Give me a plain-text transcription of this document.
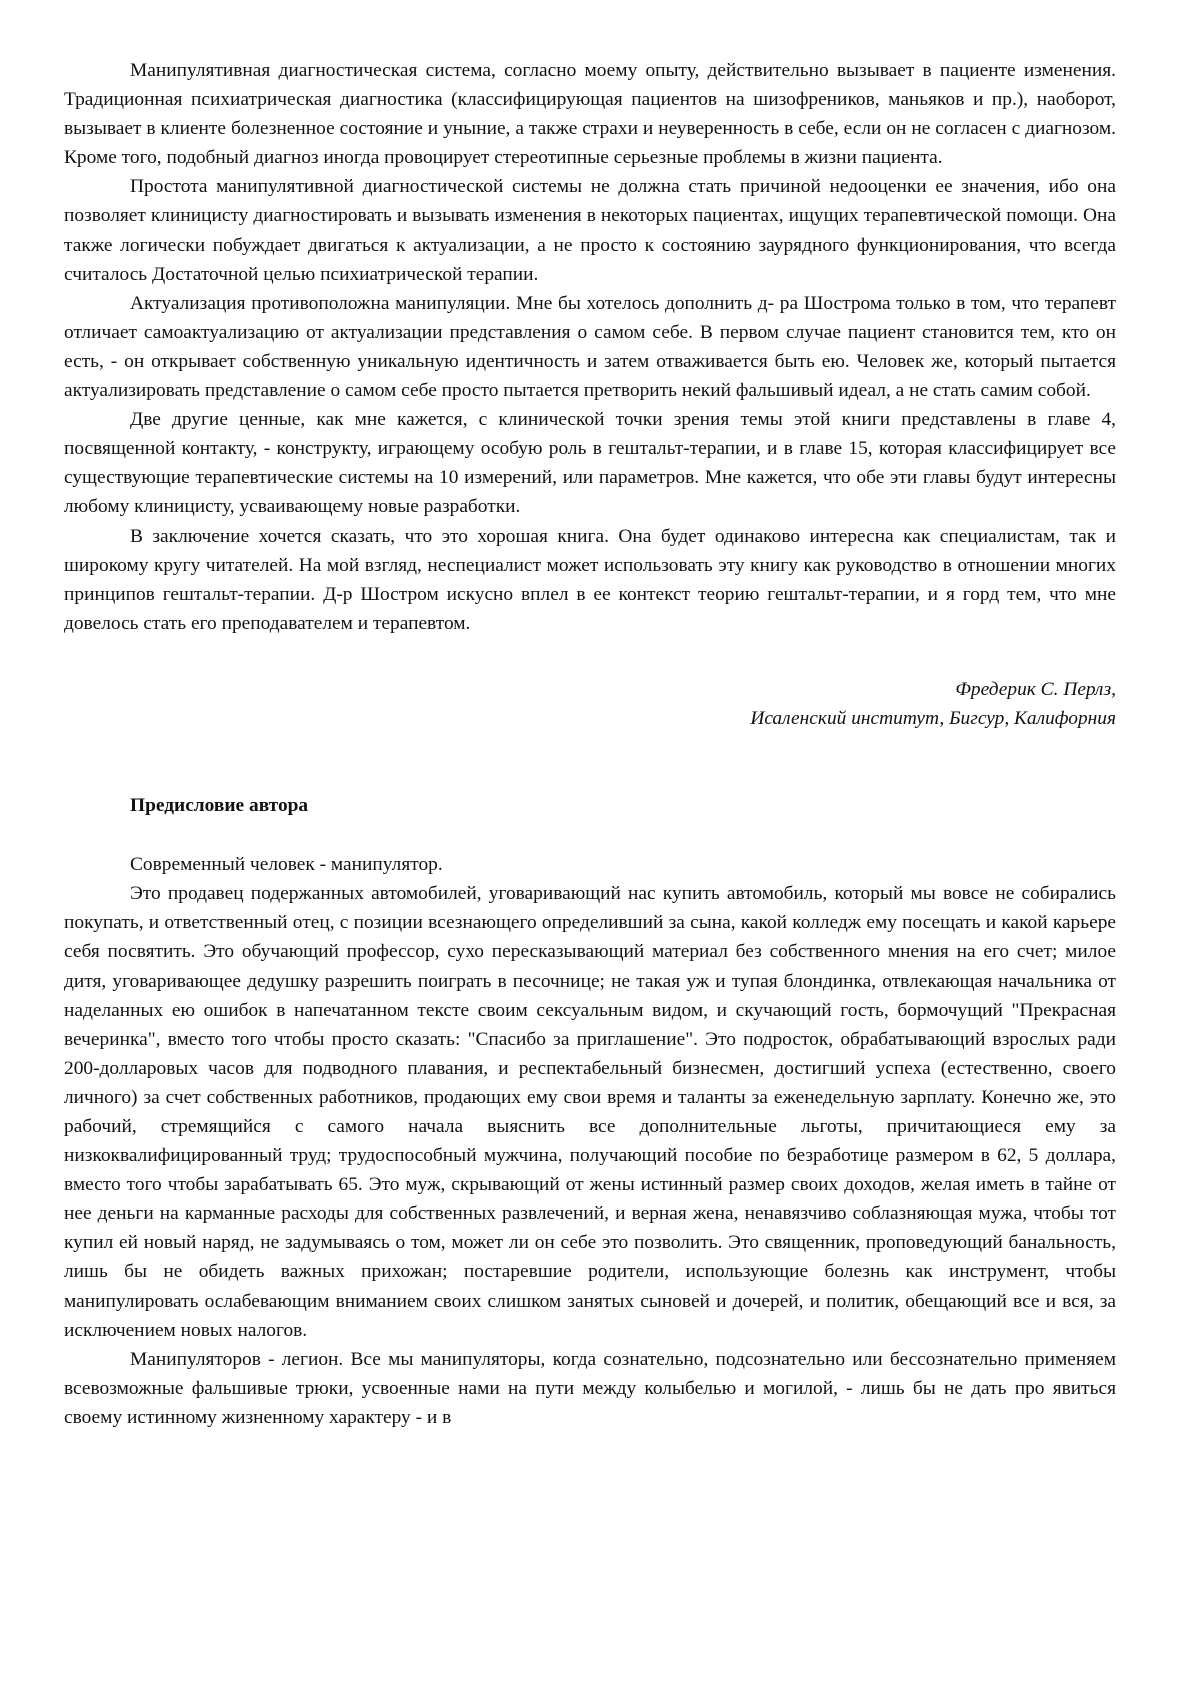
Манипулятивная диагностическая система, согласно моему опыту, действительно вызывает в пациенте изменения. Традиционная психиатрическая диагностика (классифицирующая пациентов на шизофреников, маньяков и пр.), наоборот, вызывает в клиенте болезненное состояние и уныние, а также страхи и неуверенность в себе, если он не согласен с диагнозом. Кроме того, подобный диагноз иногда провоцирует стереотипные серьезные проблемы в жизни пациента.

Простота манипулятивной диагностической системы не должна стать причиной недооценки ее значения, ибо она позволяет клиницисту диагностировать и вызывать изменения в некоторых пациентах, ищущих терапевтической помощи. Она также логически побуждает двигаться к актуализации, а не просто к состоянию заурядного функционирования, что всегда считалось Достаточной целью психиатрической терапии.

Актуализация противоположна манипуляции. Мне бы хотелось дополнить д- ра Шострома только в том, что терапевт отличает самоактуализацию от актуализации представления о самом себе. В первом случае пациент становится тем, кто он есть, - он открывает собственную уникальную идентичность и затем отваживается быть ею. Человек же, который пытается актуализировать представление о самом себе просто пытается претворить некий фальшивый идеал, а не стать самим собой.

Две другие ценные, как мне кажется, с клинической точки зрения темы этой книги представлены в главе 4, посвященной контакту, - конструкту, играющему особую роль в гештальт-терапии, и в главе 15, которая классифицирует все существующие терапевтические системы на 10 измерений, или параметров. Мне кажется, что обе эти главы будут интересны любому клиницисту, усваивающему новые разработки.

В заключение хочется сказать, что это хорошая книга. Она будет одинаково интересна как специалистам, так и широкому кругу читателей. На мой взгляд, неспециалист может использовать эту книгу как руководство в отношении многих принципов гештальт-терапии. Д-р Шостром искусно вплел в ее контекст теорию гештальт-терапии, и я горд тем, что мне довелось стать его преподавателем и терапевтом.

Фредерик С. Перлз,
Исаленский институт, Бигсур, Калифорния
Предисловие автора

Современный человек - манипулятор.

Это продавец подержанных автомобилей, уговаривающий нас купить автомобиль, который мы вовсе не собирались покупать, и ответственный отец, с позиции всезнающего определивший за сына, какой колледж ему посещать и какой карьере себя посвятить. Это обучающий профессор, сухо пересказывающий материал без собственного мнения на его счет; милое дитя, уговаривающее дедушку разрешить поиграть в песочнице; не такая уж и тупая блондинка, отвлекающая начальника от наделанных ею ошибок в напечатанном тексте своим сексуальным видом, и скучающий гость, бормочущий "Прекрасная вечеринка", вместо того чтобы просто сказать: "Спасибо за приглашение". Это подросток, обрабатывающий взрослых ради 200-долларовых часов для подводного плавания, и респектабельный бизнесмен, достигший успеха (естественно, своего личного) за счет собственных работников, продающих ему свои время и таланты за еженедельную зарплату. Конечно же, это рабочий, стремящийся с самого начала выяснить все дополнительные льготы, причитающиеся ему за низкоквалифицированный труд; трудоспособный мужчина, получающий пособие по безработице размером в 62, 5 доллара, вместо того чтобы зарабатывать 65. Это муж, скрывающий от жены истинный размер своих доходов, желая иметь в тайне от нее деньги на карманные расходы для собственных развлечений, и верная жена, ненавязчиво соблазняющая мужа, чтобы тот купил ей новый наряд, не задумываясь о том, может ли он себе это позволить. Это священник, проповедующий банальность, лишь бы не обидеть важных прихожан; постаревшие родители, использующие болезнь как инструмент, чтобы манипулировать ослабевающим вниманием своих слишком занятых сыновей и дочерей, и политик, обещающий все и вся, за исключением новых налогов.

Манипуляторов - легион. Все мы манипуляторы, когда сознательно, подсознательно или бессознательно применяем всевозможные фальшивые трюки, усвоенные нами на пути между колыбелью и могилой, - лишь бы не дать про явиться своему истинному жизненному характеру - и в
